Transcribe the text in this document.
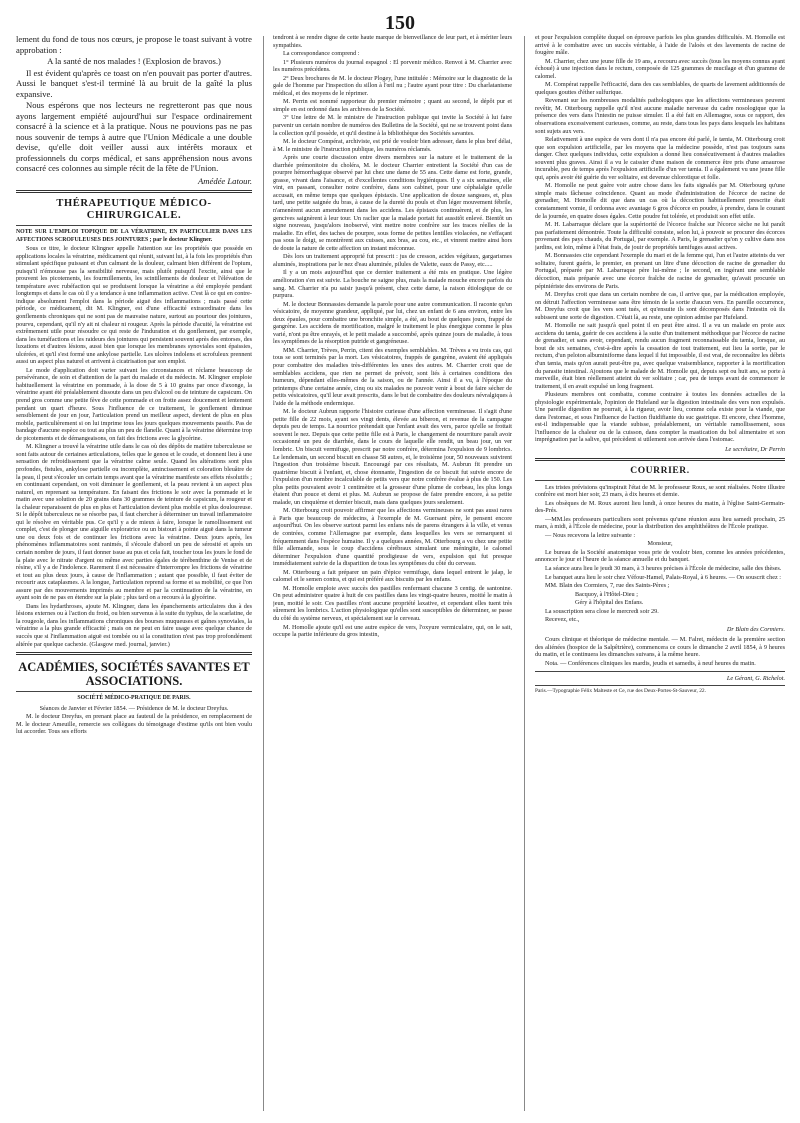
150

lement du fond de tous nos cœurs, je propose le toast suivant à votre approbation :

A la santé de nos malades ! (Explosion de bravos.)

Il est évident qu'après ce toast on n'en pouvait pas porter d'autres. Aussi le banquet s'est-il terminé là au bruit de la gaîté la plus expansive.

Nous espérons que nos lecteurs ne regretteront pas que nous ayons largement empiété aujourd'hui sur l'espace ordinairement consacré à la science et à la pratique. Nous ne pouvions pas ne pas nous souvenir de temps à autre que l'Union Médicale a une double devise, qu'elle doit veiller aussi aux intérêts moraux et professionnels du corps médical, et sans appréhension nous avons consacré ces colonnes au simple récit de la fête de l'Union.

Amédée Latour.

THÉRAPEUTIQUE MÉDICO-CHIRURGICALE.

NOTE SUR L'EMPLOI TOPIQUE DE LA VÉRATRINE, EN PARTICULIER DANS LES AFFECTIONS SCROFULEUSES DES JOINTURES ; par le docteur Klingner.

Sous ce titre, le docteur Klingner appelle l'attention sur les propriétés que possède en applications locales la vératrine, médicament qui réunit, suivant lui, à la fois les propriétés d'un stimulant spécifique puissant et d'un calmant de la douleur, calmant bien différent de l'opium, puisqu'il n'émousse pas la sensibilité nerveuse, mais plutôt puisqu'il l'excite, ainsi que le prouvent les picotements, les fourmillements, les scintillements de douleur et l'élévation de température avec rubéfaction qui se produisent lorsque la vératrine a été employée pendant longtemps et dans le cas où il y a tendance à une inflammation active. C'est là ce qui en contre-indique absolument l'emploi dans la période aiguë des inflammations ; mais passé cette période, ce médicament, dit M. Klingner, est d'une efficacité extraordinaire dans les gonflements chroniques qui ne sont pas de mauvaise nature, surtout au pourtour des jointures, pourvu, cependant, qu'il n'y ait ni chaleur ni rougeur. Après la période d'acuité, la vératrine est extrêmement utile pour résoudre ce qui reste de l'induration et du gonflement, par exemple, dans les tuméfactions et les raideurs des jointures qui persistent souvent après des entorses, des luxations et d'autres lésions, aussi bien que lorsque les membranes synoviales sont épaissies, ulcérées, et qu'il s'est formé une ankylose partielle. Les ulcères indolens et scrofuleux prennent aussi un aspect plus naturel et arrivent à cicatrisation par son emploi.

Le mode d'application doit varier suivant les circonstances et réclame beaucoup de persévérance, de soin et d'attention de la part du malade et du médecin. M. Klingner emploie habituellement la vératrine en pommade, à la dose de 5 à 10 grains par once d'axonge, la vératrine ayant été préalablement dissoute dans un peu d'alcool ou de teinture de capsicum. On prend gros comme une petite fève de cette pommade et on frotte assez doucement et lentement pendant un quart d'heure. Sous l'influence de ce traitement, le gonflement diminue sensiblement de jour en jour, l'articulation prend un meilleur aspect, devient de plus en plus mobile, particulièrement si on lui imprime tous les jours quelques mouvements passifs. Pas de bandage d'aucune espèce ou tout au plus un peu de flanelle. Quant à la vératrine détermine trop de picotements et de démangeaisons, on fait des frictions avec la glycérine.

M. Klingner a trouvé la vératrine utile dans le cas où des dépôts de matière tuberculeuse se sont faits autour de certaines articulations, telles que le genou et le coude, et donnent lieu à une sensation de refroidissement que la vératrine calme seule. Quand les altérations sont plus profondes, fistules, ankylose partielle ou incomplète, amincissement et coloration bleuâtre de la peau, il peut s'écouler un certain temps avant que la vératrine manifeste ses effets résolutifs ; en continuant cependant, on voit diminuer le gonflement, et la peau revient à un aspect plus naturel, en reprenant sa température. En faisant des frictions le soir avec la pommade et le matin avec une solution de 20 grains dans 30 grammes de teinture de capsicum, la rougeur et la chaleur reparaissent de plus en plus et l'articulation devient plus mobile et plus douloureuse. Si le dépôt tuberculeux ne se résorbe pas, il faut chercher à déterminer un travail inflammatoire qui le résolve en véritable pus. Ce qu'il y a de mieux à faire, lorsque le ramollissement est complet, c'est de plonger une aiguille exploratrice ou un bistouri à pointe aiguë dans la tumeur une ou deux fois et de continuer les frictions avec la vératrine. Deux jours après, les phénomènes inflammatoires sont ranimés, il s'écoule d'abord un peu de sérosité et après un certain nombre de jours, il faut donner issue au pus et cela fait, toucher tous les jours le fond de la plaie avec le nitrate d'argent ou même avec parties égales de térébenthine de Venise et de résine, s'il y a de l'indolence. Rarement il est nécessaire d'interrompre les frictions de vératrine et tout au plus deux jours, à cause de l'inflammation ; autant que possible, il faut éviter de recourir aux cataplasmes. A la longue, l'articulation reprend sa forme et sa mobilité, ce que l'on assure par des mouvements imprimés au membre et par la continuation de la vératrine, en ayant soin de ne pas en étendre sur la plaie ; plus tard on a recours à la glycérine.

Dans les hydarthroses, ajoute M. Klingner, dans les épanchements articulaires dus à des lésions externes ou à l'action du froid, ou bien survenus à la suite du typhus, de la scarlatine, de la rougeole, dans les inflammations chroniques des bourses muqueuses et gaînes synoviales, la vératrine a la plus grande efficacité ; mais on ne peut en faire usage avec quelque chance de succès que si l'inflammation aiguë est tombée ou si la constitution n'est pas trop profondément altérée par quelque cachexie. (Glasgow med. journal, janvier.)

ACADÉMIES, SOCIÉTÉS SAVANTES ET ASSOCIATIONS.

SOCIÉTÉ MÉDICO-PRATIQUE DE PARIS.

Séances de Janvier et Février 1854. — Présidence de M. le docteur Dreyfus.

M. le docteur Dreyfus, en prenant place au fauteuil de la présidence, en remplacement de M. le docteur Ameuille, remercie ses collègues du témoignage d'estime qu'ils ont bien voulu lui accorder. Tous ses efforts

tendront à se rendre digne de cette haute marque de bienveillance de leur part, et à mériter leurs sympathies.

La correspondance comprend :

1° Plusieurs numéros du journal espagnol : El porvenir médico. Renvoi à M. Charrier avec les numéros précédens.

2° Deux brochures de M. le docteur Plogey, l'une intitulée : Mémoire sur le diagnostic de la gale de l'homme par l'inspection du sillon à l'œil nu ; l'autre ayant pour titre : Du charlatanisme médical, et des moyens de le réprimer.

M. Perrin est nommé rapporteur du premier mémoire ; quant au second, le dépôt pur et simple en est ordonné dans les archives de la Société.

3° Une lettre de M. le ministre de l'instruction publique qui invite la Société à lui faire parvenir un certain nombre de numéros des Bulletins de la Société, qui ne se trouvent point dans la collection qu'il possède, et qu'il destine à la bibliothèque des Sociétés savantes.

M. le docteur Compérat, archiviste, est prié de vouloir bien adresser, dans le plus bref délai, à M. le ministre de l'instruction publique, les numéros réclamés.

Après une courte discussion entre divers membres sur la nature et le traitement de la diarrhée prémonitoire du choléra, M. le docteur Charrier entretient la Société d'un cas de pourpre hémorrhagique observé par lui chez une dame de 55 ans. Cette dame est forte, grande, grasse, vivant dans l'aisance, et d'excellentes conditions hygiéniques. Il y a six semaines, elle vint, en passant, consulter notre confrère, dans son cabinet, pour une céphalalgie qu'elle accusait, en même temps que quelques épistaxis. Une application de douze sangsues, et, plus tard, une petite saignée du bras, à cause de la dureté du pouls et d'un léger mouvement fébrile, n'amenèrent aucun amendement dans les accidens. Les épistaxis continuèrent, et de plus, les gencives saignèrent à leur tour. Un raclier que la malade portait fut aussitôt enlevé. Bientôt un signe nouveau, jusqu'alors inobservé, vint mettre notre confrère sur les traces réelles de la maladie. En effet, des taches de pourpre, sous forme de petites lentilles violacées, ne s'effaçant pas sous le doigt, se montrèrent aux cuisses, aux bras, au cou, etc., et vinrent mettre ainsi hors de doute la nature de cette affection un instant méconnue.

Dès lors un traitement approprié fut prescrit : jus de cresson, acides végétaux, gargarismes aluminés, inspirations par le nez d'eau aluminée, pilules de Valette, eaux de Passy, etc.....

Il y a un mois aujourd'hui que ce dernier traitement a été mis en pratique. Une légère amélioration s'en est suivie. La bouche ne saigne plus, mais la malade mouche encore parfois du sang. M. Charrier n'a pu saisir jusqu'à présent, chez cette dame, la raison étiologique de ce purpura.

M. le docteur Bonnassies demande la parole pour une autre communication. Il raconte qu'un vésicatoire, de moyenne grandeur, appliqué, par lui, chez un enfant de 6 ans environ, entre les deux épaules, pour combattre une bronchite simple, a été, au bout de quelques jours, frappé de gangrène. Les accidens de mortification, malgré le traitement le plus énergique comme le plus varié, n'ont pu être enrayés, et le petit malade a succombé, après quinze jours de maladie, à tous les symptômes de la résorption putride et gangréneuse.

MM. Charrier, Trèves, Perrin, citent des exemples semblables. M. Trèves a vu trois cas, qui tous se sont terminés par la mort. Les vésicatoires, frappés de gangrène, avaient été appliqués pour combattre des maladies très-différentes les unes des autres. M. Charrier croit que de semblables accidens, que rien ne permet de prévoir, sont liés à certaines conditions des humeurs, dépendant elles-mêmes de la saison, ou de l'année. Ainsi il a vu, à l'époque du printemps d'une certaine année, cinq ou six malades ne pouvoir venir à bout de faire sécher de petits vésicatoires, qu'il leur avait prescrits, dans le but de combattre des douleurs névralgiques à l'aide de la méthode endermique.

M. le docteur Aubrun rapporte l'histoire curieuse d'une affection vermineuse. Il s'agit d'une petite fille de 22 mois, ayant ses vingt dents, élevée au biberon, et revenue de la campagne depuis peu de temps. La nourrice prétendait que l'enfant avait des vers, parce qu'elle se frottait souvent le nez. Depuis que cette petite fille est à Paris, le changement de nourriture paraît avoir occasionné un peu de diarrhée, dans le cours de laquelle elle rendit, un beau jour, un ver lombric. Un biscuit vermifuge, prescrit par notre confrère, détermina l'expulsion de 9 lombrics. Le lendemain, un second biscuit en chasse 58 autres, et, le troisième jour, 50 nouveaux suivirent l'ingestion d'un troisième biscuit. Encouragé par ces résultats, M. Aubrun fit prendre un quatrième biscuit à l'enfant, et, chose étonnante, l'ingestion de ce biscuit fut suivie encore de l'expulsion d'un nombre incalculable de petits vers que notre confrère évalue à plus de 150. Les plus petits pouvaient avoir 1 centimètre et la grosseur d'une plume de corbeau, les plus longs étaient d'un pouce et demi et plus. M. Aubrun se propose de faire prendre encore, à sa petite malade, un cinquième et dernier biscuit, mais dans quelques jours seulement.

M. Otterbourg croit pouvoir affirmer que les affections vermineuses ne sont pas aussi rares à Paris que beaucoup de médecins, à l'exemple de M. Guersant père, le pensent encore aujourd'hui. On les observe surtout parmi les enfans nés de parens étrangers à la ville, et venus de contrées, comme l'Allemagne par exemple, dans lesquelles les vers se remarquent si fréquemment dans l'espèce humaine. Il y a quelques années, M. Otterbourg a vu chez une petite fille allemande, sous le coup d'accidens cérébraux simulant une méningite, le calomel déterminer l'expulsion d'une quantité prodigieuse de vers, expulsion qui fut presque immédiatement suivie de la disparition de tous les symptômes du côté du cerveau.

M. Otterbourg a fait préparer un pain d'épice vermifuge, dans lequel entrent le jalap, le calomel et le semen contra, et qui est préféré aux biscuits par les enfans.

M. Homolle emploie avec succès des pastilles renfermant chacune 3 centig. de santonine. On peut administrer quatre à huit de ces pastilles dans les vingt-quatre heures, moitié le matin à jeun, moitié le soir. Ces pastilles n'ont aucune propriété laxative, et cependant elles tuent très sûrement les lombrics. L'action physiologique qu'elles sont susceptibles de déterminer, se passe du côté du système nerveux, et spécialement sur le cerveau.

M. Homolle ajoute qu'il est une autre espèce de vers, l'oxyure vermiculaire, qui, on le sait, occupe la partie inférieure du gros intestin,

et pour l'expulsion complète duquel on éprouve parfois les plus grandes difficultés. M. Homolle est arrivé à le combattre avec un succès véritable, à l'aide de l'aloès et des lavements de racine de fougère mâle.

M. Charrier, chez une jeune fille de 19 ans, a recouru avec succès (tous les moyens connus ayant échoué) à une injection dans le rectum, composée de 125 grammes de mucilage et d'un gramme de calomel.

M. Compérat rappelle l'efficacité, dans des cas semblables, de quarts de lavement additionnés de quelques gouttes d'éther sulfurique.

Revenant sur les nombreuses modalités pathologiques que les affections vermineuses peuvent revêtir, M. Otterbourg rappelle qu'il n'est aucune maladie nerveuse du cadre nosologique que la présence des vers dans l'intestin ne puisse simuler. Il a été fait en Allemagne, sous ce rapport, des observations excessivement curieuses, comme, au reste, dans tous les pays dans lesquels les habitans sont sujets aux vers.

Relativement à une espèce de vers dont il n'a pas encore été parlé, le tænia, M. Otterbourg croit que son expulsion artificielle, par les moyens que la médecine possède, n'est pas toujours sans danger. Chez quelques individus, cette expulsion a donné lieu consécutivement à d'autres maladies souvent plus graves. Ainsi il a vu le caissier d'une maison de commerce être pris d'une amaurose incurable, peu de temps après l'expulsion artificielle d'un ver tænia. Il a également vu une jeune fille qui, après avoir été guérie du ver solitaire, est devenue chlorotique et folle.

M. Homolle ne peut guère voir autre chose dans les faits signalés par M. Otterbourg qu'une simple mais fâcheuse coïncidence. Quant au mode d'administration de l'écorce de racine de grenadier, M. Homolle dit que dans un cas où la décoction habituellement prescrite était constamment vomie, il ordonna avec avantage 6 gros d'écorce en poudre, à prendre, dans le courant de la journée, en quatre doses égales. Cette poudre fut tolérée, et produisit son effet utile.

M. H. Labarraque déclare que la supériorité de l'écorce fraîche sur l'écorce sèche ne lui paraît pas parfaitement démontrée. Toute la difficulté consiste, selon lui, à pouvoir se procurer des écorces provenant des pays chauds, du Portugal, par exemple. A Paris, le grenadier qu'on y cultive dans nos jardins, est loin, même à l'état frais, de jouir de propriétés tænifuges aussi actives.

M. Bonnassies cite cependant l'exemple du mari et de la femme qui, l'un et l'autre atteints du ver solitaire, furent guéris, le premier, en prenant un litre d'une décoction de racine de grenadier du Portugal, préparée par M. Labarraque père lui-même ; le second, en ingérant une semblable décoction, mais préparée avec une écorce fraîche de racine de grenadier, qu'avait procurée un pépiniériste des environs de Paris.

M. Dreyfus croit que dans un certain nombre de cas, il arrive que, par la médication employée, on détruit l'affection vermineuse sans être témoin de la sortie d'aucun vers. En pareille occurrence, M. Dreyfus croit que les vers sont tués, et qu'ensuite ils sont décomposés dans l'intestin où ils subissent une sorte de digestion. C'était là, au reste, une opinion admise par Hufeland.

M. Homolle ne sait jusqu'à quel point il en peut être ainsi. Il a vu un malade en proie aux accidens du tænia, guérir de ces accidens à la suite d'un traitement méthodique par l'écorce de racine de grenadier, et sans avoir, cependant, rendu aucun fragment reconnaissable du tænia, lorsque, au bout de six semaines, c'est-à-dire après la cessation de tout traitement, eut lieu la sortie, par le rectum, d'un peloton albuminiforme dans lequel il fut impossible, il est vrai, de reconnaître les débris d'un tænia, mais qu'on aurait peut-être pu, avec quelque vraisemblance, rapporter à la mortification du parasite intestinal. Ajoutons que le malade de M. Homolle qui, depuis sept ou huit ans, se porte à merveille, était bien réellement atteint du ver solitaire ; car, peu de temps avant de commencer le traitement, il en avait expulsé un long fragment.

Plusieurs membres ont combattu, comme contraire à toutes les données actuelles de la physiologie expérimentale, l'opinion de Hufeland sur la digestion intestinale des vers non expulsés. Une pareille digestion ne pourrait, à la rigueur, avoir lieu, comme cela existe pour la viande, que dans l'estomac, et sous l'influence de l'action fluidifiante du suc gastrique. Et encore, chez l'homme, est-il indispensable que la viande subisse, préalablement, un véritable ramollissement, sous l'influence de la chaleur ou de la cuisson, dans compter la mastication du bol alimentaire et son imprégnation par la salive, qui précèdent si utilement son arrivée dans l'estomac.

Le secrétaire, Dr Perrin

COURRIER.

Les tristes prévisions qu'inspirait l'état de M. le professeur Roux, se sont réalisées. Notre illustre confrère est mort hier soir, 23 mars, à dix heures et demie.

Les obsèques de M. Roux auront lieu lundi, à onze heures du matin, à l'église Saint-Germain-des-Prés.

—MM.les professeurs particuliers sont prévenus qu'une réunion aura lieu samedi prochain, 25 mars, à midi, à l'École de médecine, pour la distribution des amphithéâtres de l'École pratique.

— Nous recevons la lettre suivante :

Monsieur,

Le bureau de la Société anatomique vous prie de vouloir bien, comme les années précédentes, annoncer le jour et l'heure de la séance annuelle et du banquet.

La séance aura lieu le jeudi 30 mars, à 3 heures précises à l'École de médecine, salle des thèses.

Le banquet aura lieu le soir chez Véfour-Hamel, Palais-Royal, à 6 heures. — On souscrit chez :

MM. Blain des Cormiers, 7, rue des Saints-Pères ;

Bacquoy, à l'Hôtel-Dieu ;

Géry à l'hôpital des Enfans.

La souscription sera close le mercredi soir 29.

Recevez, etc.,

Dr Blain des Cormiers.

Cours clinique et théorique de médecine mentale. — M. Falret, médecin de la première section des aliénées (hospice de la Salpêtrière), commencera ce cours le dimanche 2 avril 1854, à 9 heures du matin, et le continuera les dimanches suivans, à la même heure.

Nota. — Conférences cliniques les mardis, jeudis et samedis, à neuf heures du matin.

Le Gérant, G. Richelot.

Paris.—Typographie Félix Malteste et Ce, rue des Deux-Portes-St-Sauveur, 22.
